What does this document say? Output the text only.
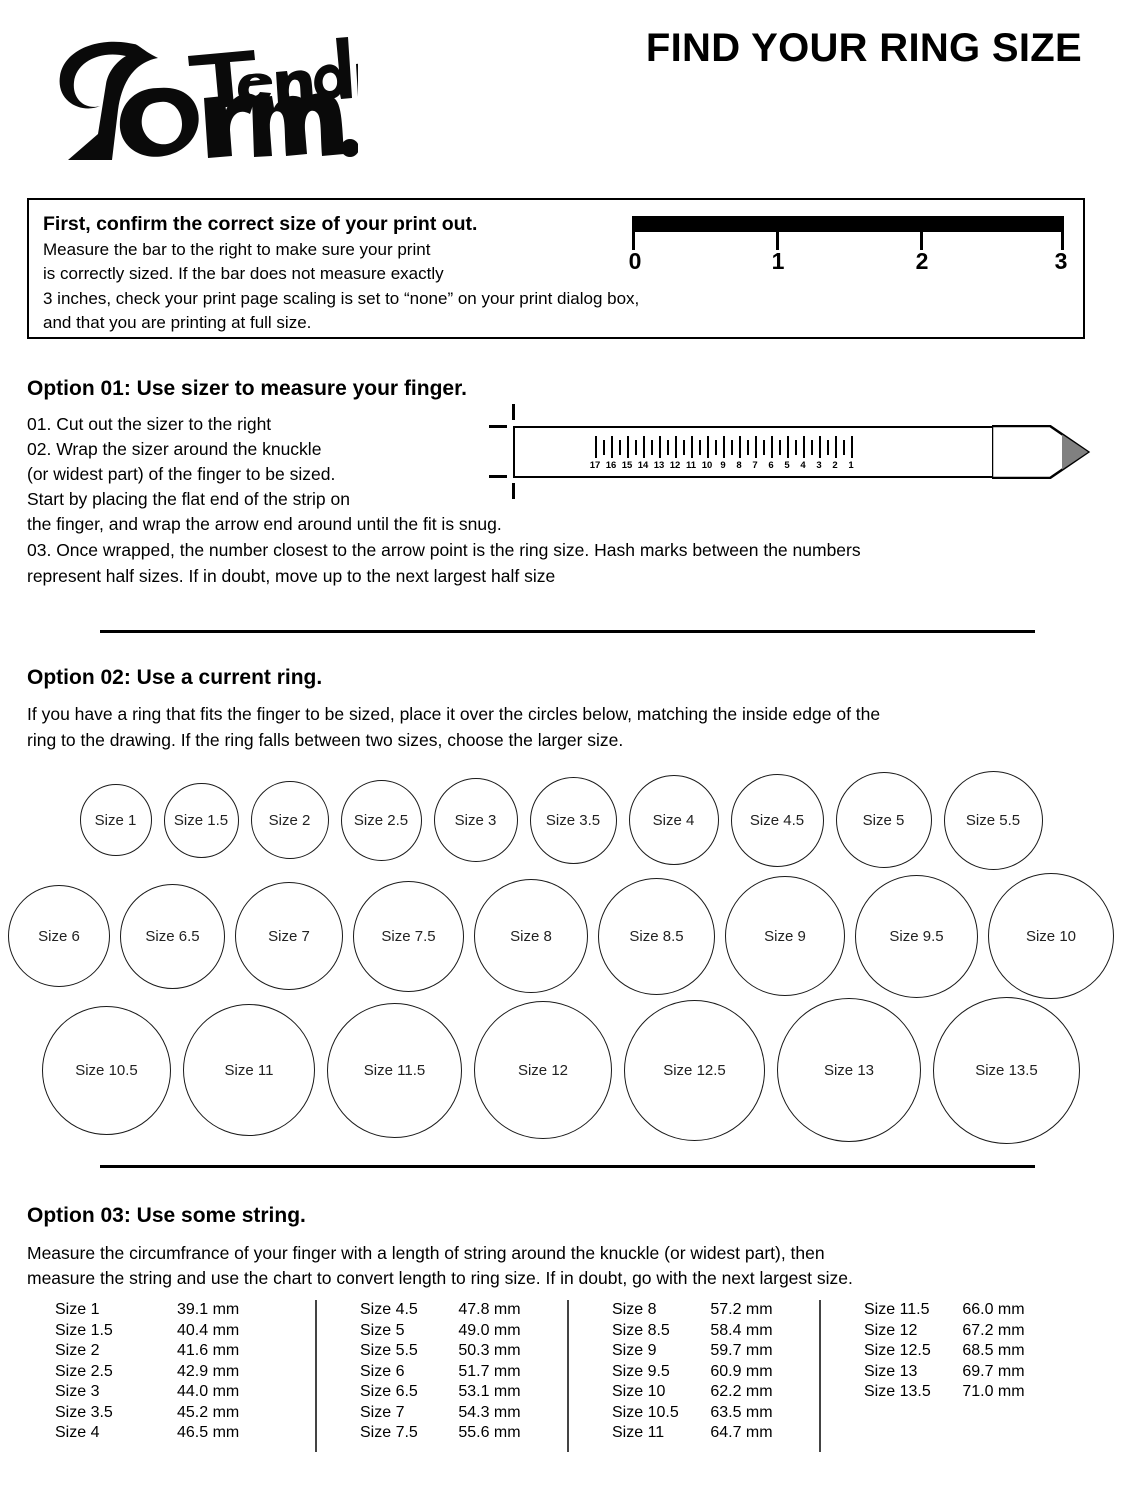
FIND YOUR RING SIZE
First, confirm the correct size of your print out.
Measure the bar to the right to make sure your print
is correctly sized. If the bar does not measure exactly
3 inches, check your print page scaling is set to “none” on your print dialog box,
and that you are printing at full size.
0	1	2	3
Option 01: Use sizer to measure your finger.
01. Cut out the sizer to the right
02. Wrap the sizer around the knuckle
(or widest part) of the finger to be sized.
Start by placing the flat end of the strip on
the finger, and wrap the arrow end around until the fit is snug.
03. Once wrapped, the number closest to the arrow point is the ring size. Hash marks between the numbers
represent half sizes. If in doubt, move up to the next largest half size
17 16 15 14 13 12 11 10 9	8	7	6	5	4	3	2	1
Option 02: Use a current ring.
If you have a ring that fits the finger to be sized, place it over the circles below, matching the inside edge of the
ring to the drawing. If the ring falls between two sizes, choose the larger size.
Size 1	Size 1.5	Size 2	Size 2.5	Size 3	Size 3.5	Size 4	Size 4.5	Size 5	Size 5.5
Size 6	Size 6.5	Size 7	Size 7.5	Size 8	Size 8.5	Size 9	Size 9.5	Size 10
Size 10.5	Size 11	Size 11.5	Size 12	Size 12.5	Size 13	Size 13.5
Option 03: Use some string.
Measure the circumfrance of your finger with a length of string around the knuckle (or widest part), then
measure the string and use the chart to convert length to ring size. If in doubt, go with the next largest size.
Size 1	39.1 mm
Size 1.5	40.4 mm
Size 2	41.6 mm
Size 2.5	42.9 mm
Size 3	44.0 mm
Size 3.5	45.2 mm
Size 4	46.5 mm
Size 4.5	47.8 mm
Size 5	49.0 mm
Size 5.5	50.3 mm
Size 6	51.7 mm
Size 6.5	53.1 mm
Size 7	54.3 mm
Size 7.5	55.6 mm
Size 8	57.2 mm
Size 8.5	58.4 mm
Size 9	59.7 mm
Size 9.5	60.9 mm
Size 10	62.2 mm
Size 10.5	63.5 mm
Size 11	64.7 mm
Size 11.5	66.0 mm
Size 12	67.2 mm
Size 12.5	68.5 mm
Size 13	69.7 mm
Size 13.5	71.0 mm
